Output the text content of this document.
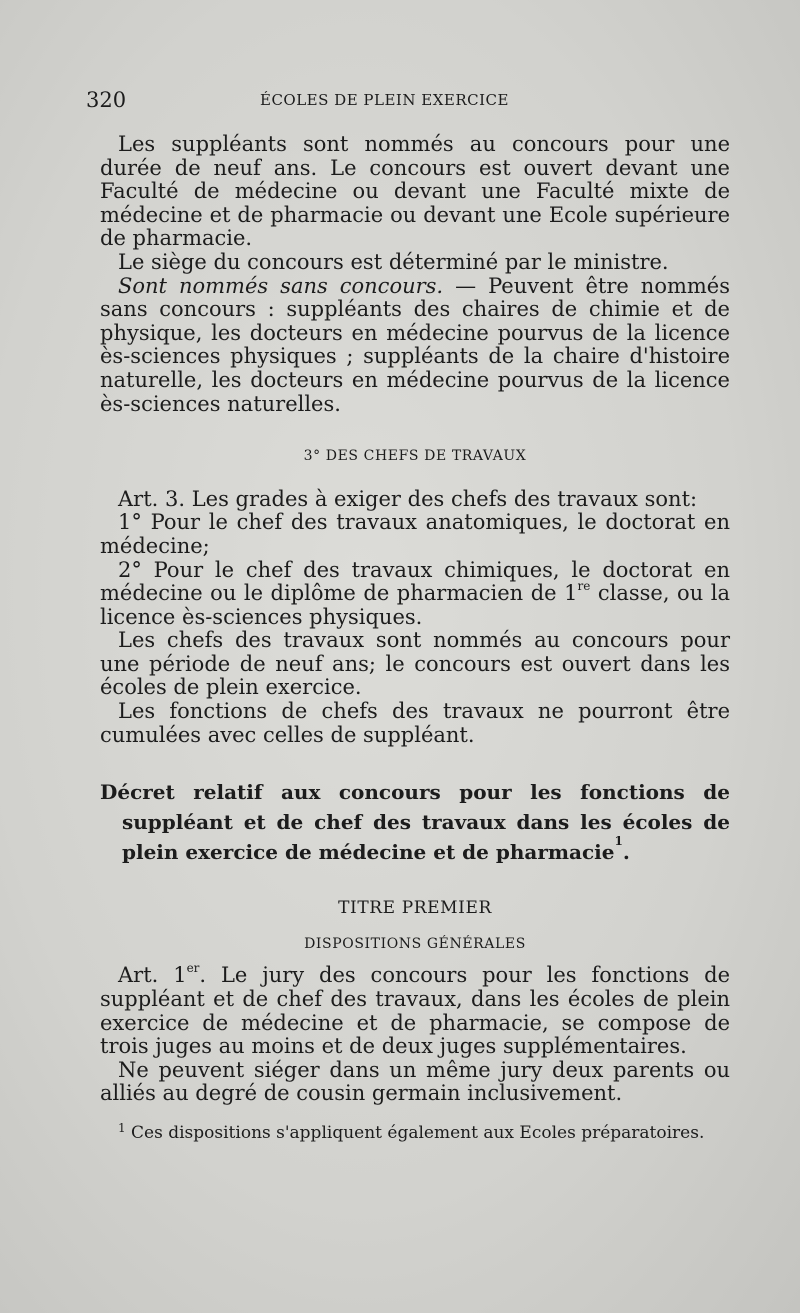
320	ÉCOLES DE PLEIN EXERCICE

Les suppléants sont nommés au concours pour une durée de neuf ans. Le concours est ouvert devant une Faculté de médecine ou devant une Faculté mixte de médecine et de pharmacie ou devant une Ecole supérieure de pharmacie.

Le siège du concours est déterminé par le ministre.

Sont nommés sans concours. — Peuvent être nommés sans concours : suppléants des chaires de chimie et de physique, les docteurs en médecine pourvus de la licence ès-sciences physiques ; suppléants de la chaire d'histoire naturelle, les docteurs en médecine pourvus de la licence ès-sciences naturelles.

3° DES CHEFS DE TRAVAUX

Art. 3. Les grades à exiger des chefs des travaux sont:

1° Pour le chef des travaux anatomiques, le doctorat en médecine;

2° Pour le chef des travaux chimiques, le doctorat en médecine ou le diplôme de pharmacien de 1re classe, ou la licence ès-sciences physiques.

Les chefs des travaux sont nommés au concours pour une période de neuf ans; le concours est ouvert dans les écoles de plein exercice.

Les fonctions de chefs des travaux ne pourront être cumulées avec celles de suppléant.

Décret relatif aux concours pour les fonctions de suppléant et de chef des travaux dans les écoles de plein exercice de médecine et de pharmacie$^1$.

TITRE PREMIER
DISPOSITIONS GÉNÉRALES

Art. 1er. Le jury des concours pour les fonctions de suppléant et de chef des travaux, dans les écoles de plein exercice de médecine et de pharmacie, se compose de trois juges au moins et de deux juges supplémentaires.

Ne peuvent siéger dans un même jury deux parents ou alliés au degré de cousin germain inclusivement.

$^1$ Ces dispositions s'appliquent également aux Ecoles préparatoires.
